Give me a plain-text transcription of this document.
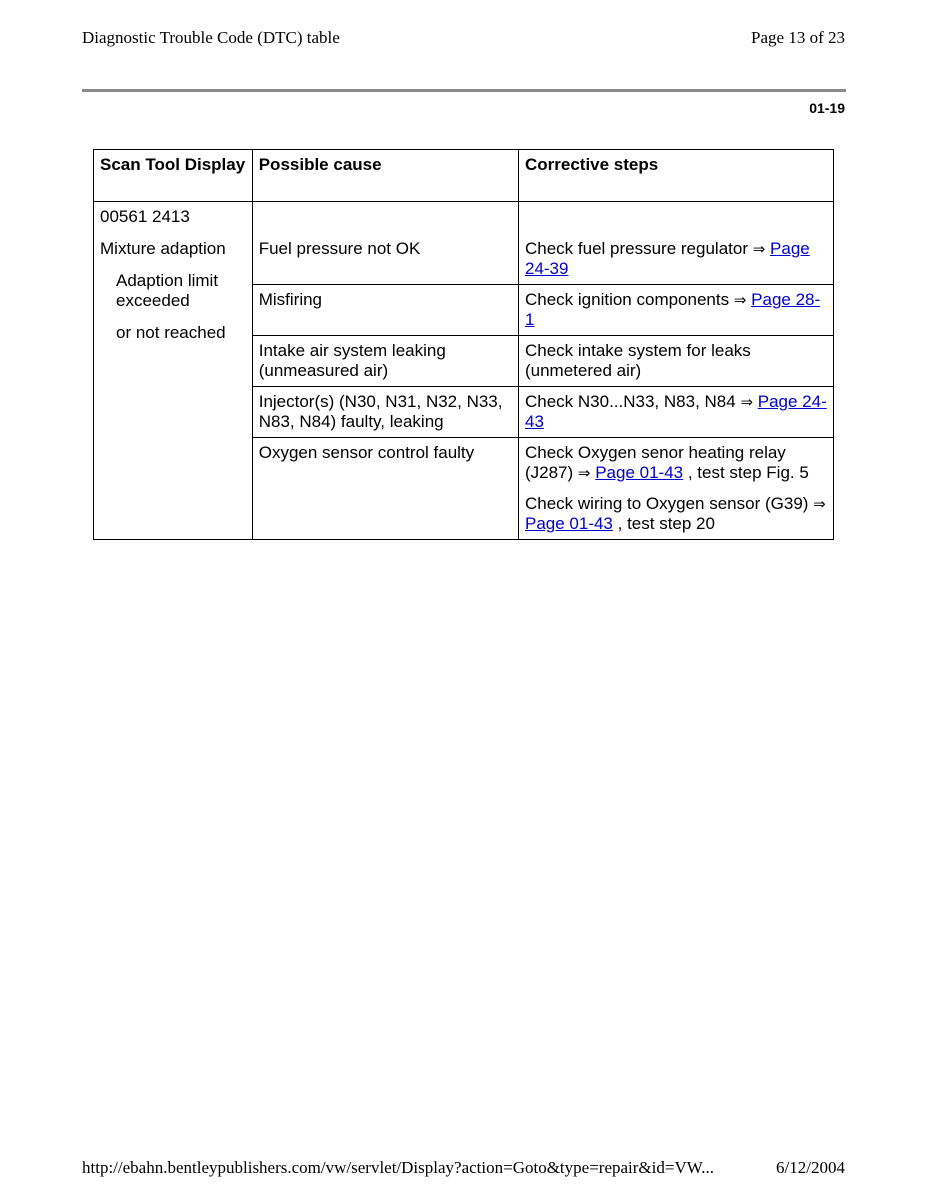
Diagnostic Trouble Code (DTC) table	Page 13 of 23
01-19
Scan Tool Display	Possible cause	Corrective steps

00561 2413

Mixture adaption

Adaption limit exceeded

or not reached	Fuel pressure not OK	Check fuel pressure regulator ⇒ Page 24-39

	Misfiring	Check ignition components ⇒ Page 28-1

	Intake air system leaking (unmeasured air)	Check intake system for leaks (unmetered air)

	Injector(s) (N30, N31, N32, N33, N83, N84) faulty, leaking	Check N30...N33, N83, N84 ⇒ Page 24-43

	Oxygen sensor control faulty	Check Oxygen senor heating relay (J287) ⇒ Page 01-43 , test step Fig. 5

Check wiring to Oxygen sensor (G39) ⇒ Page 01-43 , test step 20

http://ebahn.bentleypublishers.com/vw/servlet/Display?action=Goto&type=repair&id=VW...	6/12/2004
